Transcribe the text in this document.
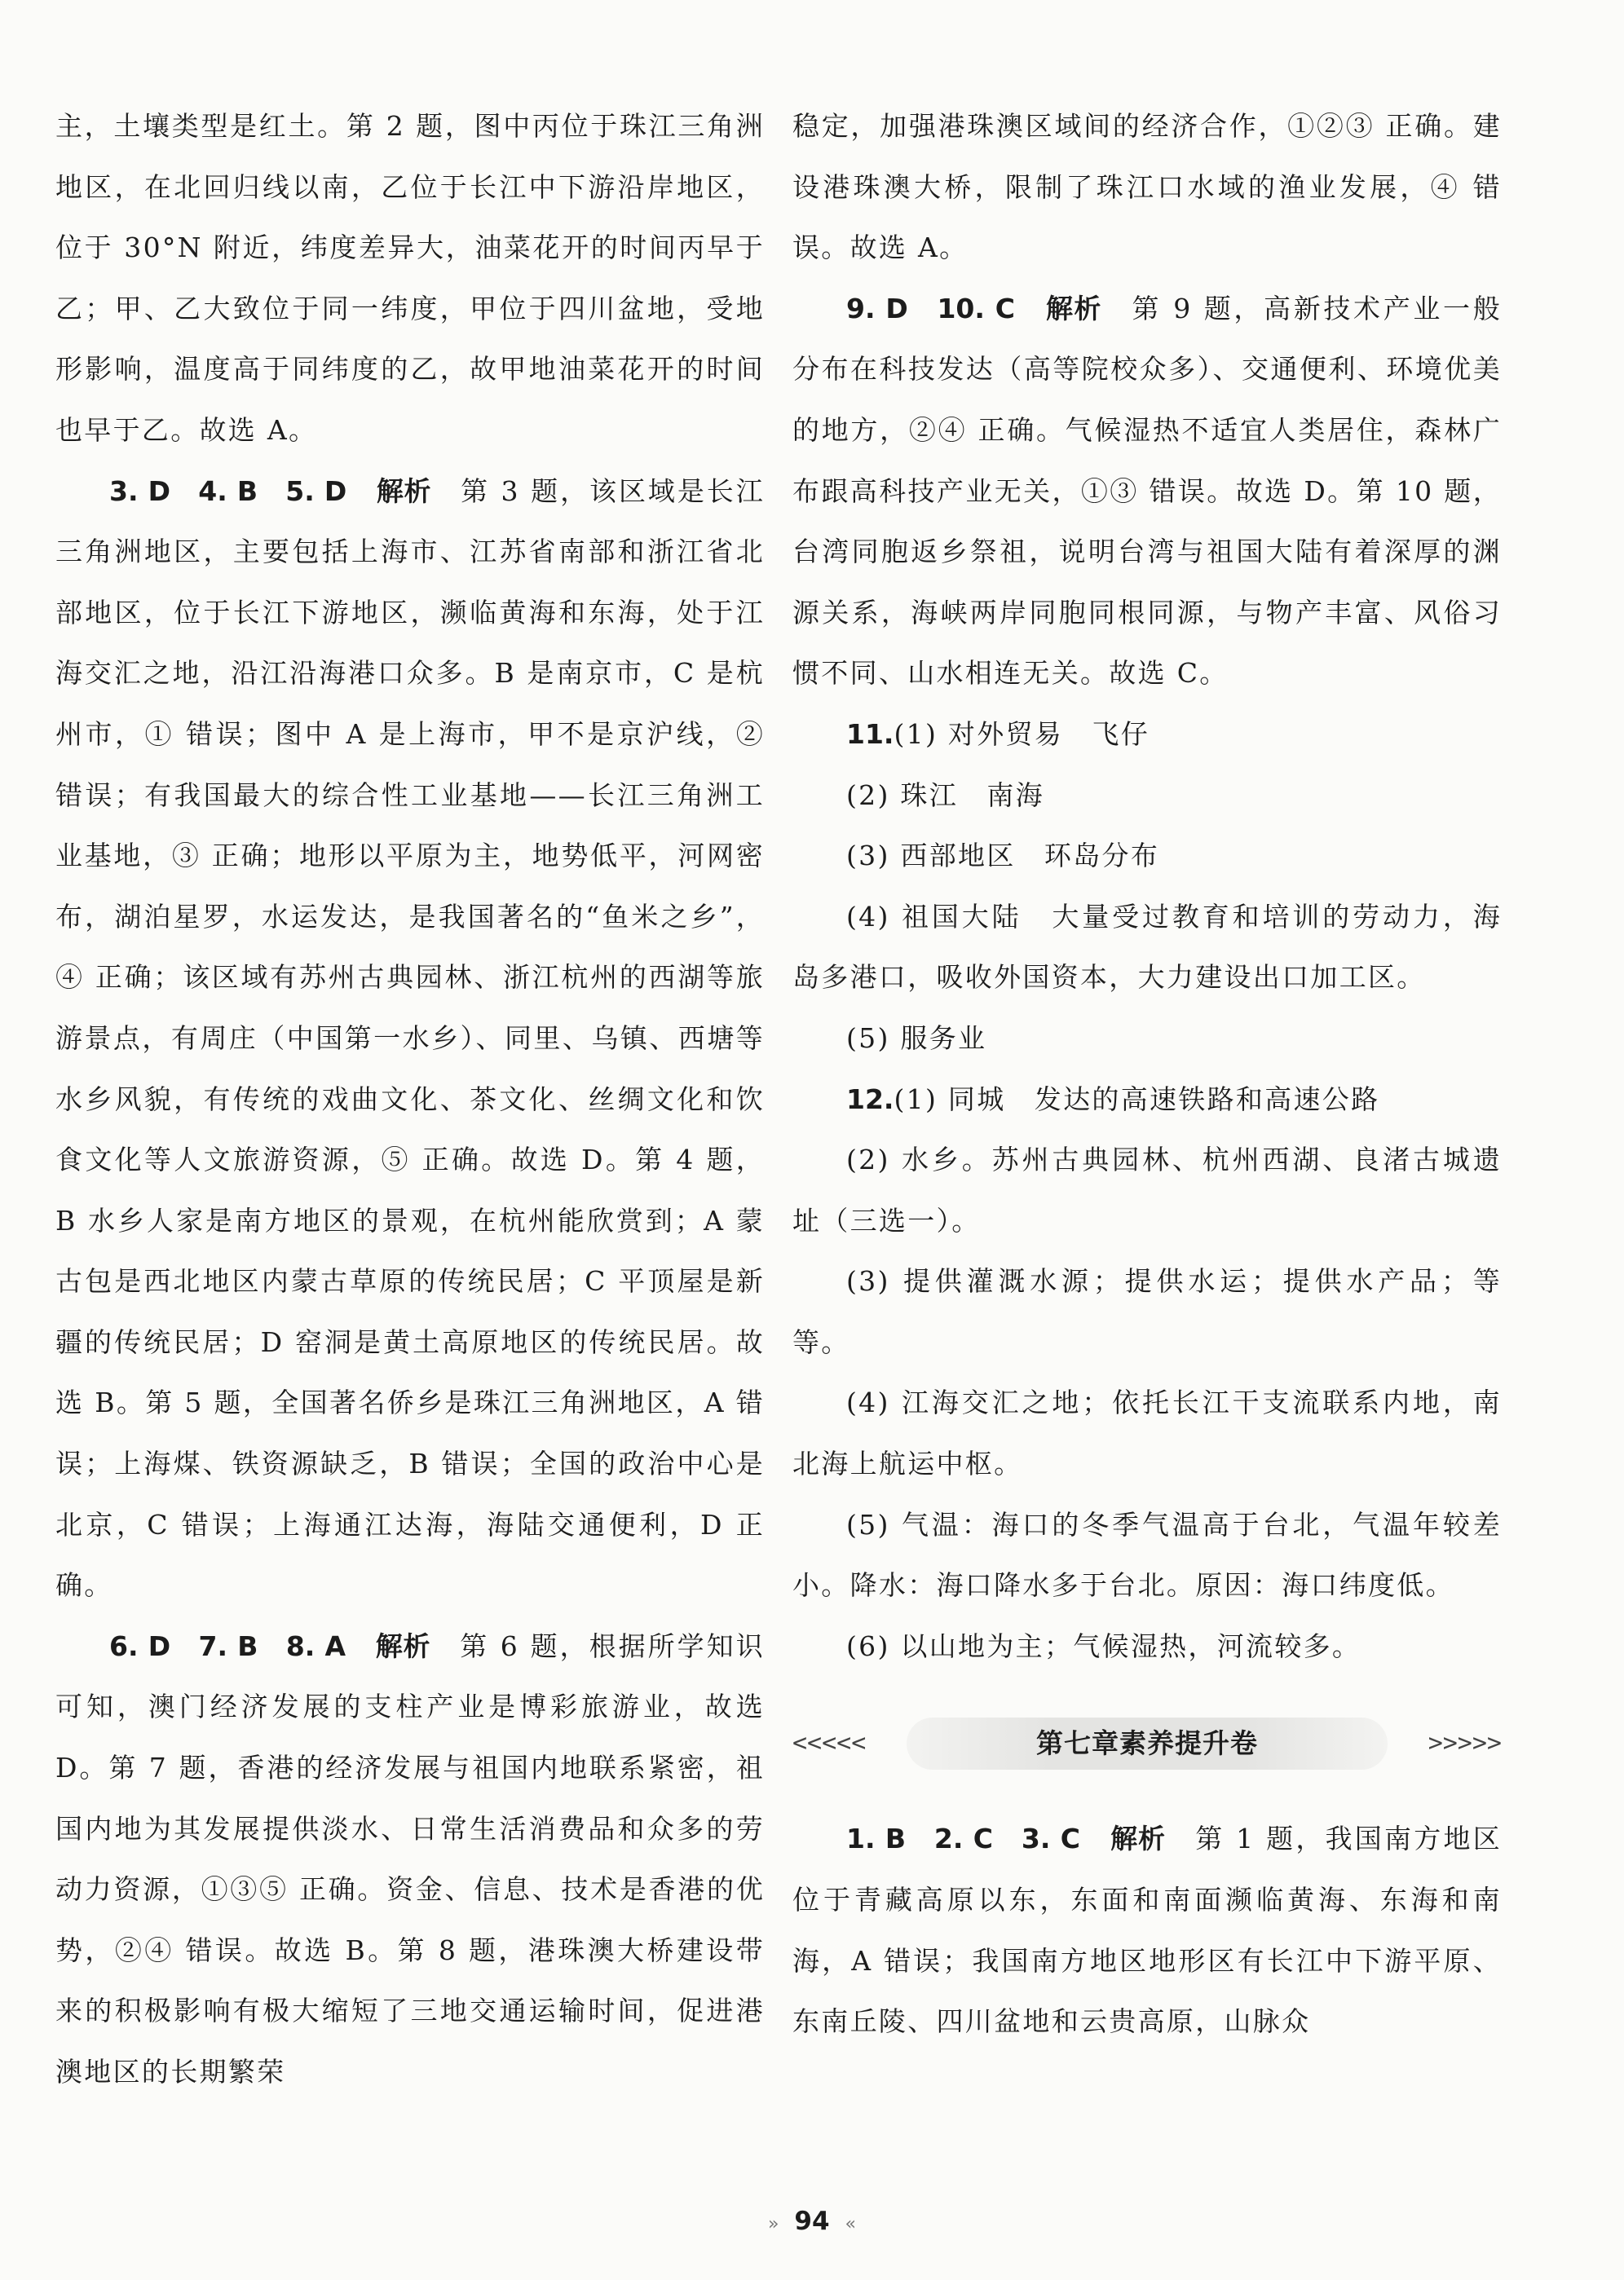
主，土壤类型是红土。第 2 题，图中丙位于珠江三角洲地区，在北回归线以南，乙位于长江中下游沿岸地区，位于 30°N 附近，纬度差异大，油菜花开的时间丙早于乙；甲、乙大致位于同一纬度，甲位于四川盆地，受地形影响，温度高于同纬度的乙，故甲地油菜花开的时间也早于乙。故选 A。

3. D　4. B　5. D　 解析　 第 3 题，该区域是长江三角洲地区，主要包括上海市、江苏省南部和浙江省北部地区，位于长江下游地区，濒临黄海和东海，处于江海交汇之地，沿江沿海港口众多。B 是南京市，C 是杭州市，① 错误；图中 A 是上海市，甲不是京沪线，② 错误；有我国最大的综合性工业基地——长江三角洲工业基地，③ 正确；地形以平原为主，地势低平，河网密布，湖泊星罗，水运发达，是我国著名的“鱼米之乡”，④ 正确；该区域有苏州古典园林、浙江杭州的西湖等旅游景点，有周庄（中国第一水乡）、同里、乌镇、西塘等水乡风貌，有传统的戏曲文化、茶文化、丝绸文化和饮食文化等人文旅游资源，⑤ 正确。故选 D。第 4 题，B 水乡人家是南方地区的景观，在杭州能欣赏到；A 蒙古包是西北地区内蒙古草原的传统民居；C 平顶屋是新疆的传统民居；D 窑洞是黄土高原地区的传统民居。故选 B。第 5 题，全国著名侨乡是珠江三角洲地区，A 错误；上海煤、铁资源缺乏，B 错误；全国的政治中心是北京，C 错误；上海通江达海，海陆交通便利，D 正确。

6. D　7. B　8. A　 解析　 第 6 题，根据所学知识可知，澳门经济发展的支柱产业是博彩旅游业，故选 D。第 7 题，香港的经济发展与祖国内地联系紧密，祖国内地为其发展提供淡水、日常生活消费品和众多的劳动力资源，①③⑤ 正确。资金、信息、技术是香港的优势，②④ 错误。故选 B。第 8 题，港珠澳大桥建设带来的积极影响有极大缩短了三地交通运输时间，促进港澳地区的长期繁荣

稳定，加强港珠澳区域间的经济合作，①②③ 正确。建设港珠澳大桥，限制了珠江口水域的渔业发展，④ 错误。故选 A。

9. D　10. C　 解析　 第 9 题，高新技术产业一般分布在科技发达（高等院校众多）、交通便利、环境优美的地方，②④ 正确。气候湿热不适宜人类居住，森林广布跟高科技产业无关，①③ 错误。故选 D。第 10 题，台湾同胞返乡祭祖，说明台湾与祖国大陆有着深厚的渊源关系，海峡两岸同胞同根同源，与物产丰富、风俗习惯不同、山水相连无关。故选 C。

11.(1) 对外贸易　飞仔

(2) 珠江　南海

(3) 西部地区　环岛分布

(4) 祖国大陆　大量受过教育和培训的劳动力，海岛多港口，吸收外国资本，大力建设出口加工区。

(5) 服务业

12.(1) 同城　发达的高速铁路和高速公路

(2) 水乡。苏州古典园林、杭州西湖、良渚古城遗址（三选一）。

(3) 提供灌溉水源；提供水运；提供水产品；等等。

(4) 江海交汇之地；依托长江干支流联系内地，南北海上航运中枢。

(5) 气温：海口的冬季气温高于台北，气温年较差小。降水：海口降水多于台北。原因：海口纬度低。

(6) 以山地为主；气候湿热，河流较多。

<<<<<	第七章素养提升卷	>>>>>

1. B　2. C　3. C　 解析　 第 1 题，我国南方地区位于青藏高原以东，东面和南面濒临黄海、东海和南海，A 错误；我国南方地区地形区有长江中下游平原、东南丘陵、四川盆地和云贵高原，山脉众

» 94 «
